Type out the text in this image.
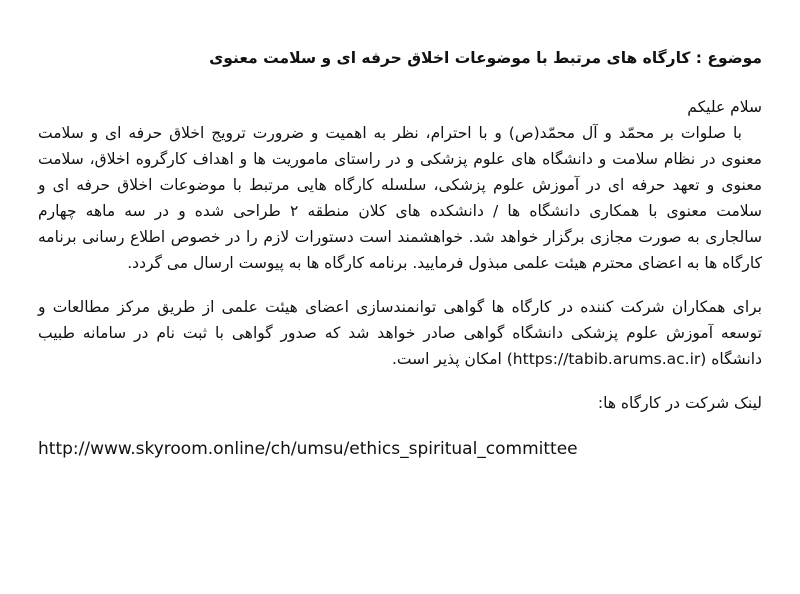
موضوع : کارگاه های مرتبط با موضوعات اخلاق حرفه ای و سلامت معنوی
سلام علیکم
با صلوات بر محمّد و آل محمّد(ص) و با احترام، نظر به اهمیت و ضرورت ترویج اخلاق حرفه ای و سلامت
معنوی در نظام سلامت و دانشگاه های علوم پزشکی و در راستای ماموریت ها و اهداف کارگروه اخلاق، سلامت
معنوی و تعهد حرفه ای در آموزش علوم پزشکی، سلسله کارگاه هایی مرتبط با موضوعات اخلاق حرفه ای و
سلامت معنوی با همکاری دانشگاه ها / دانشکده های کلان منطقه ۲ طراحی شده و در سه ماهه چهارم
سالجاری به صورت مجازی برگزار خواهد شد. خواهشمند است دستورات لازم را در خصوص اطلاع رسانی برنامه
کارگاه ها به اعضای محترم هیئت علمی مبذول فرمایید. برنامه کارگاه ها به پیوست ارسال می گردد.
برای همکاران شرکت کننده در کارگاه ها گواهی توانمندسازی اعضای هیئت علمی از طریق مرکز مطالعات و
توسعه آموزش علوم پزشکی دانشگاه گواهی صادر خواهد شد که صدور گواهی با ثبت نام در سامانه طبیب
دانشگاه (https://tabib.arums.ac.ir) امکان پذیر است.
لینک شرکت در کارگاه ها:
http://www.skyroom.online/ch/umsu/ethics_spiritual_committee
